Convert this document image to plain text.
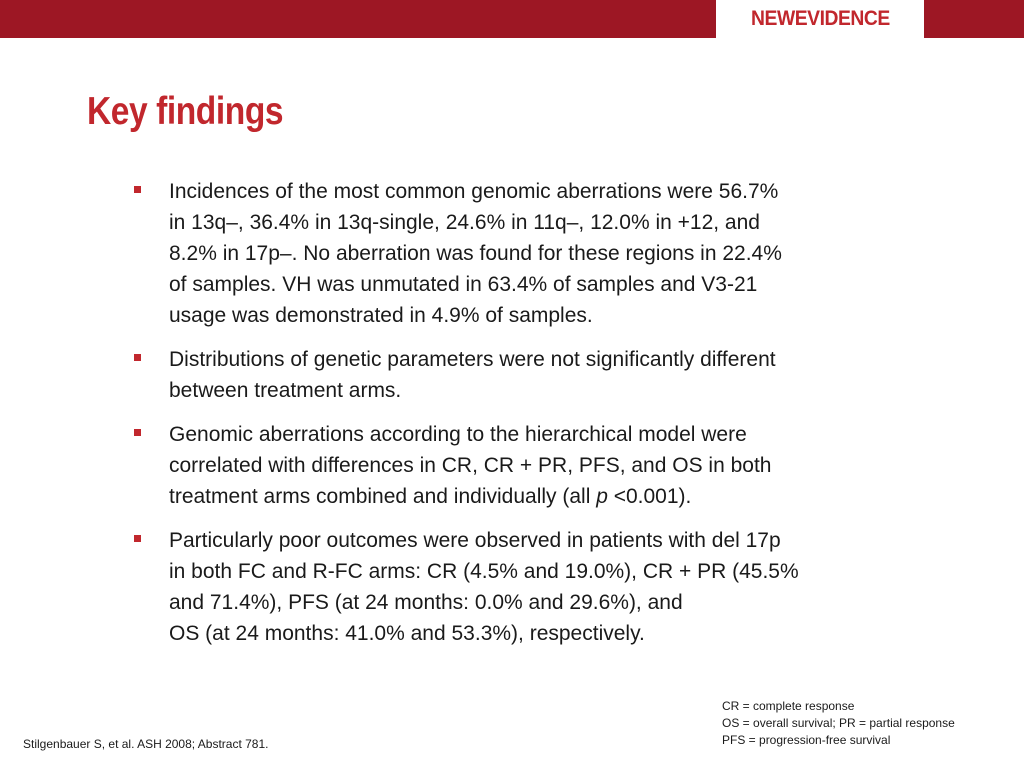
NEW EVIDENCE
Key findings
Incidences of the most common genomic aberrations were 56.7%
in 13q–, 36.4% in 13q-single, 24.6% in 11q–, 12.0% in +12, and
8.2% in 17p–. No aberration was found for these regions in 22.4%
of samples. VH was unmutated in 63.4% of samples and V3-21
usage was demonstrated in 4.9% of samples.
Distributions of genetic parameters were not significantly different
between treatment arms.
Genomic aberrations according to the hierarchical model were
correlated with differences in CR, CR + PR, PFS, and OS in both
treatment arms combined and individually (all p <0.001).
Particularly poor outcomes were observed in patients with del 17p
in both FC and R-FC arms: CR (4.5% and 19.0%), CR + PR (45.5%
and 71.4%), PFS (at 24 months: 0.0% and 29.6%), and
OS (at 24 months: 41.0% and 53.3%), respectively.
CR = complete response
OS = overall survival; PR = partial response
PFS = progression-free survival
Stilgenbauer S, et al. ASH 2008; Abstract 781.
